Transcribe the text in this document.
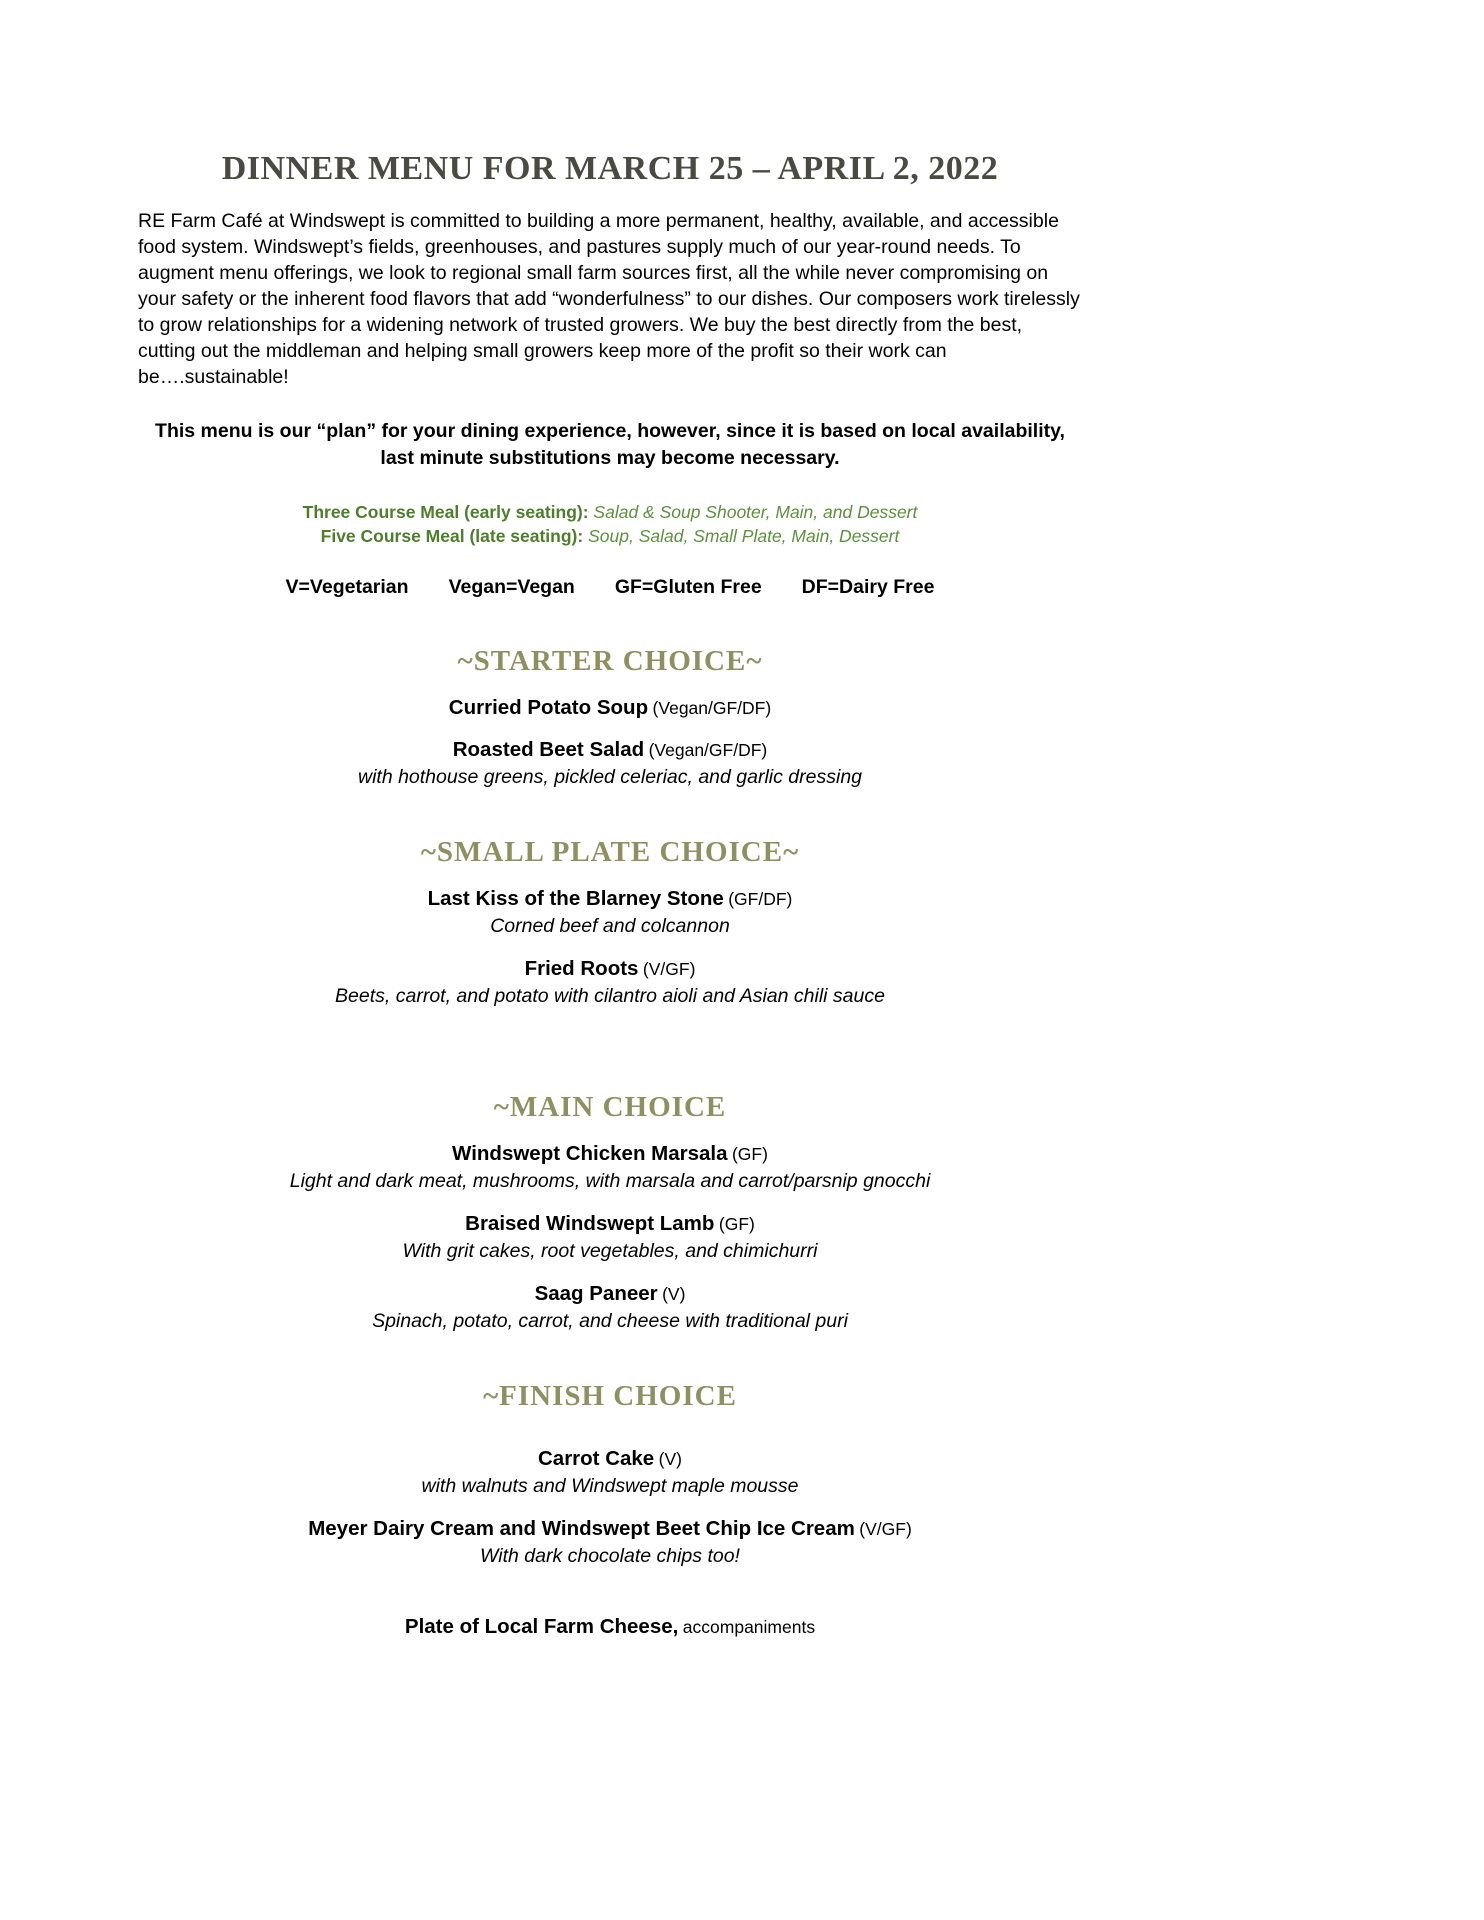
DINNER MENU FOR MARCH 25 – APRIL 2, 2022

RE Farm Café at Windswept is committed to building a more permanent, healthy, available, and accessible food system. Windswept’s fields, greenhouses, and pastures supply much of our year-round needs. To augment menu offerings, we look to regional small farm sources first, all the while never compromising on your safety or the inherent food flavors that add “wonderfulness” to our dishes. Our composers work tirelessly to grow relationships for a widening network of trusted growers. We buy the best directly from the best, cutting out the middleman and helping small growers keep more of the profit so their work can be….sustainable!

This menu is our “plan” for your dining experience, however, since it is based on local availability, last minute substitutions may become necessary.

Three Course Meal (early seating): Salad & Soup Shooter, Main, and Dessert
Five Course Meal (late seating): Soup, Salad, Small Plate, Main, Dessert
V=Vegetarian Vegan=Vegan GF=Gluten Free DF=Dairy Free
~STARTER CHOICE~
Curried Potato Soup (Vegan/GF/DF)
Roasted Beet Salad (Vegan/GF/DF)
with hothouse greens, pickled celeriac, and garlic dressing
~SMALL PLATE CHOICE~
Last Kiss of the Blarney Stone (GF/DF)
Corned beef and colcannon
Fried Roots (V/GF)
Beets, carrot, and potato with cilantro aioli and Asian chili sauce
~MAIN CHOICE
Windswept Chicken Marsala (GF)
Light and dark meat, mushrooms, with marsala and carrot/parsnip gnocchi
Braised Windswept Lamb (GF)
With grit cakes, root vegetables, and chimichurri
Saag Paneer (V)
Spinach, potato, carrot, and cheese with traditional puri
~FINISH CHOICE
Carrot Cake (V)
with walnuts and Windswept maple mousse
Meyer Dairy Cream and Windswept Beet Chip Ice Cream (V/GF)
With dark chocolate chips too!
Plate of Local Farm Cheese, accompaniments
